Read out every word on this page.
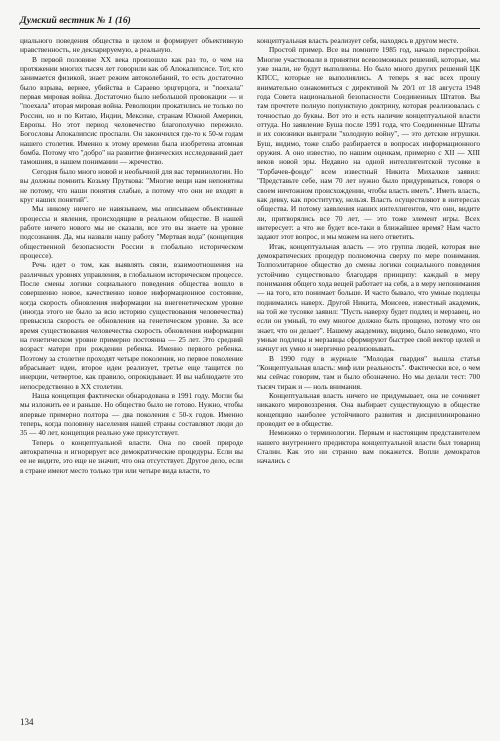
Думский вестник № 1 (16)

циального поведения общества в целом и формирует объективную нравственность, не декларируемую, а реальную.

В первой половине XX века произошло как раз то, о чем на протяжении многих тысяч лет говорили как об Апокалипсисе. Тот, кто занимается физикой, знает режим автоколебаний, то есть достаточно было взрыва, вернее, убийства в Сараево эрцгерцога, и "поехала" первая мировая война. Достаточно было небольшой провокации — и "поехала" вторая мировая война. Революции прокатились не только по России, но и по Китаю, Индии, Мексике, странам Южной Америки, Европы. Но этот период человечество благополучно пережило. Богословы Апокалипсис проспали. Он закончился где-то к 50-м годам нашего столетия. Именно к этому времени была изобретена атомная бомба. Потому что "добро" на развитие физических исследований дает тамошняя, в нашем понимании — жречество.

Сегодня было много новой и необычной для вас терминологии. Но вы должны помнить Козьму Пруткова: "Многие вещи нам непонятны не потому, что наши понятия слабые, а потому что они не входят в круг наших понятий".

Мы никому ничего не навязываем, мы описываем объективные процессы и явления, происходящие в реальном обществе. В нашей работе ничего нового мы не сказали, все это вы знаете на уровне подсознания. Да, мы назвали нашу работу "Мертвая вода" (концепция общественной безопасности России в глобально историческом процессе).

Речь идет о том, как выявлять связи, взаимоотношения на различных уровнях управления, в глобальном историческом процессе. После смены логики социального поведения общества вошло в совершенно новое, качественно новое информационное состояние, когда скорость обновления информации на внегенетическом уровне (иногда этого не было за всю историю существования человечества) превысила скорость ее обновления на генетическом уровне. За все время существования человечества скорость обновления информации на генетическом уровне примерно постоянна — 25 лет. Это средний возраст матери при рождении ребенка. Именно первого ребенка. Поэтому за столетие проходят четыре поколения, но первое поколение вбрасывает идеи, второе идеи реализует, третье еще тащится по инерции, четвертое, как правило, опрокидывает. И вы наблюдаете это непосредственно в XX столетии.

Наша концепция фактически обнародована в 1991 году. Могли бы мы изложить ее и раньше. Но общество было не готово. Нужно, чтобы впервые примерно полторa — два поколения с 50-х годов. Именно теперь, когда половину населения нашей страны составляют люди до 35 — 40 лет, концепция реально уже присутствует.

Теперь о концептуальной власти. Она по своей природе автократична и игнорирует все демократические процедуры. Если вы ее не видите, это еще не значит, что она отсутствует. Другое дело, если в стране имеют место только три или четыре вида власти, то

концептуальная власть реализует себя, находясь в другом месте.

Простой пример. Все вы помните 1985 год, начало перестройки. Многие участвовали в принятии всевозможных решений, которые, мы уже знали, не будут выполнены. Но было много других решений ЦК КПСС, которые не выполнялись. А теперь я вас всех прошу внимательно ознакомиться с директивой № 20/1 от 18 августа 1948 года Совета национальной безопасности Соединенных Штатов. Вы там прочтете полную попунктную доктрину, которая реализовалась с точностью до буквы. Вот это и есть наличие концептуальной власти оттуда. Но заявление Буша после 1991 года, что Соединенные Штаты и их союзники выиграли "холодную войну", — это детские игрушки. Буш, видимо, тоже слабо разбирается в вопросах информационного оружия. А оно известно, по нашим оценкам, примерно с XII — XIII веков новой эры. Недавно на одной интеллигентской тусовке в "Горбачев-фонде" всем известный Никита Михалков заявил: "Представьте себе, нам 70 лет нужно было придуриваться, говоря о своем ничтожном происхождении, чтобы власть иметь". Иметь власть, как девку, как проститутку, нельзя. Власть осуществляют в интересах общества. И потому заявления наших интеллигентов, что они, видите ли, притворялись все 70 лет, — это тоже элемент игры. Всех интересует: а что же будет все-таки в ближайшее время? Нам часто задают этот вопрос, и мы можем на него ответить.

Итак, концептуальная власть — это группа людей, которая вне демократических процедур полномочна сверху по мере понимания. Толпоэлитарное общество до смены логики социального поведения устойчиво существовало благодаря принципу: каждый в меру понимания общего хода вещей работает на себя, а в меру непонимания — на того, кто понимает больше. И часто бывало, что умные подлецы поднимались наверх. Другой Никита, Моисеев, известный академик, на той же тусовке заявил: "Пусть наверху будет подлец и мерзавец, но если он умный, то ему многое должно быть прощено, потому что он знает, что он делает". Нашему академику, видимо, было неведомо, что умные подлецы и мерзавцы сформируют быстрее свой вектор целей и начнут их умно и энергично реализовывать.

В 1990 году в журнале "Молодая гвардия" вышла статья "Концептуальная власть: миф или реальность". Фактически все, о чем мы сейчас говорим, там и было обозначено. Но мы делали тест: 700 тысяч тираж и — ноль внимания.

Концептуальная власть ничего не придумывает, она не сочиняет никакого мировоззрения. Она выбирает существующую в обществе концепцию наиболее устойчивого развития и дисциплинированно проводит ее в обществе.

Немножко о терминологии. Первым и настоящим представителем нашего внутреннего предиктора концептуальной власти был товарищ Сталин. Как это ни странно вам покажется. Вопли демократов начались с

134
